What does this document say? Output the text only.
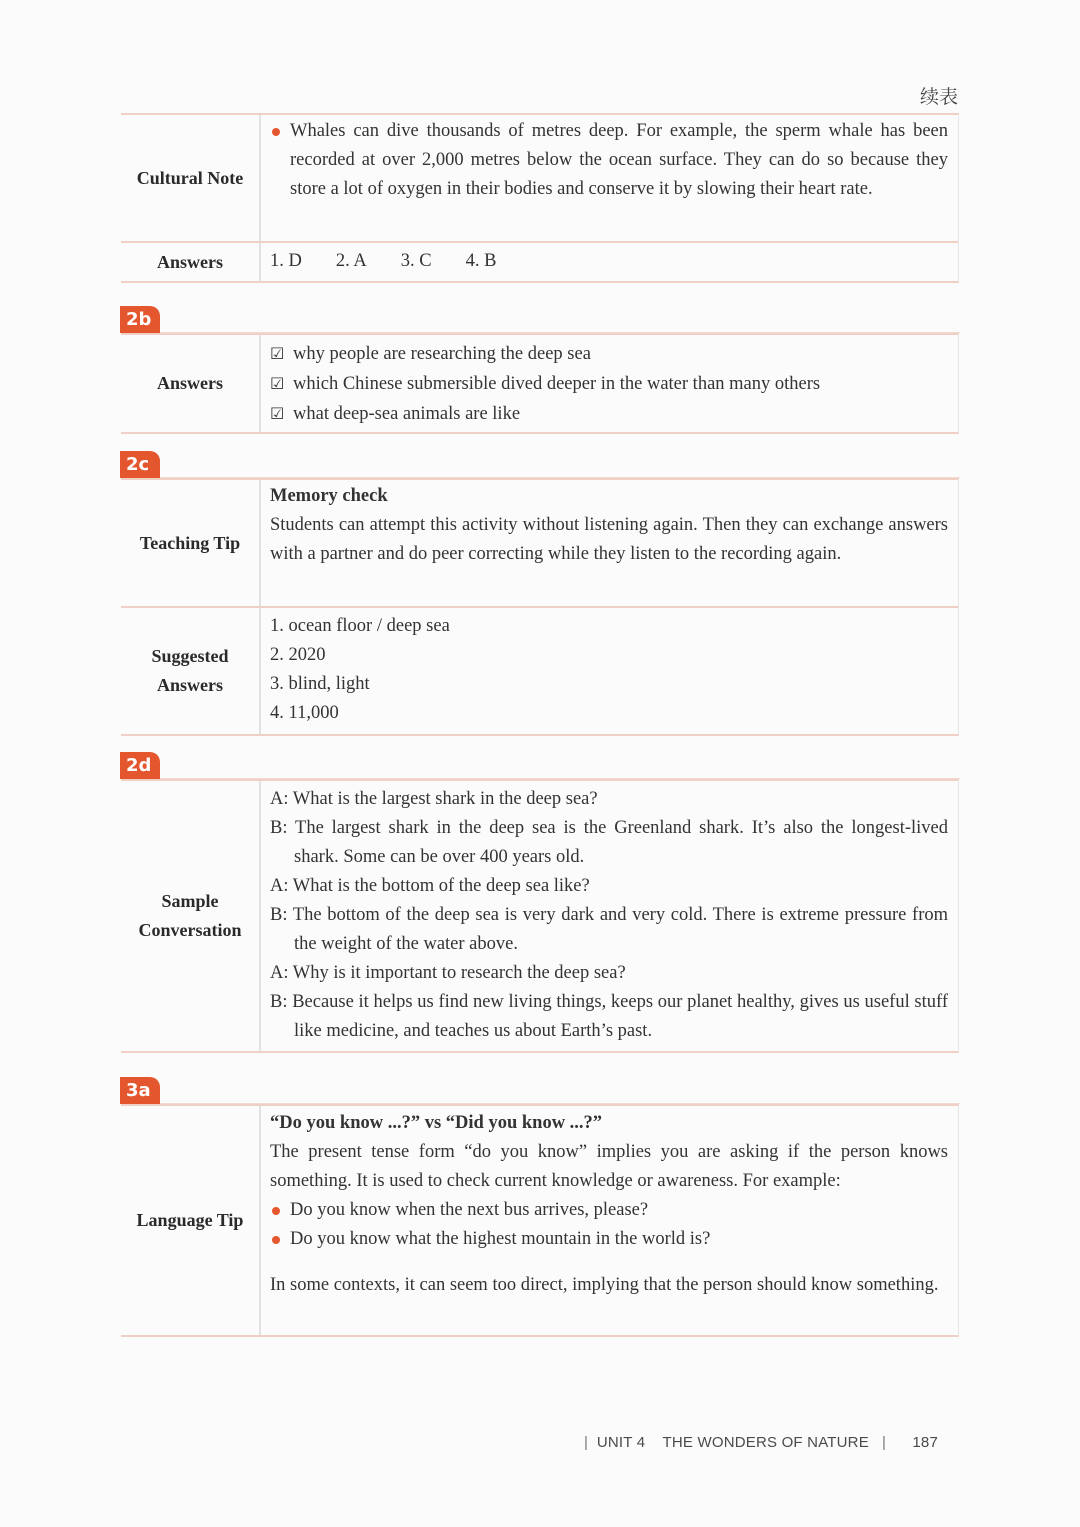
续表
Cultural Note
Whales can dive thousands of metres deep. For example, the sperm whale has been recorded at over 2,000 metres below the ocean surface. They can do so because they store a lot of oxygen in their bodies and conserve it by slowing their heart rate.
Answers	1. D 2. A 3. C 4. B
2b
Answers
☑ why people are researching the deep sea
☑ which Chinese submersible dived deeper in the water than many others
☑ what deep-sea animals are like
2c
Teaching Tip
Memory check
Students can attempt this activity without listening again. Then they can exchange answers with a partner and do peer correcting while they listen to the recording again.
Suggested
Answers
1. ocean floor / deep sea
2. 2020
3. blind, light
4. 11,000
2d
Sample
Conversation
A: What is the largest shark in the deep sea?
B: The largest shark in the deep sea is the Greenland shark. It’s also the longest-lived shark. Some can be over 400 years old.
A: What is the bottom of the deep sea like?
B: The bottom of the deep sea is very dark and very cold. There is extreme pressure from the weight of the water above.
A: Why is it important to research the deep sea?
B: Because it helps us find new living things, keeps our planet healthy, gives us useful stuff like medicine, and teaches us about Earth’s past.
3a
Language Tip
“Do you know ...?” vs “Did you know ...?”
The present tense form “do you know” implies you are asking if the person knows something. It is used to check current knowledge or awareness. For example:
Do you know when the next bus arrives, please?
Do you know what the highest mountain in the world is?
In some contexts, it can seem too direct, implying that the person should know something.
| UNIT 4 THE WONDERS OF NATURE | 187
